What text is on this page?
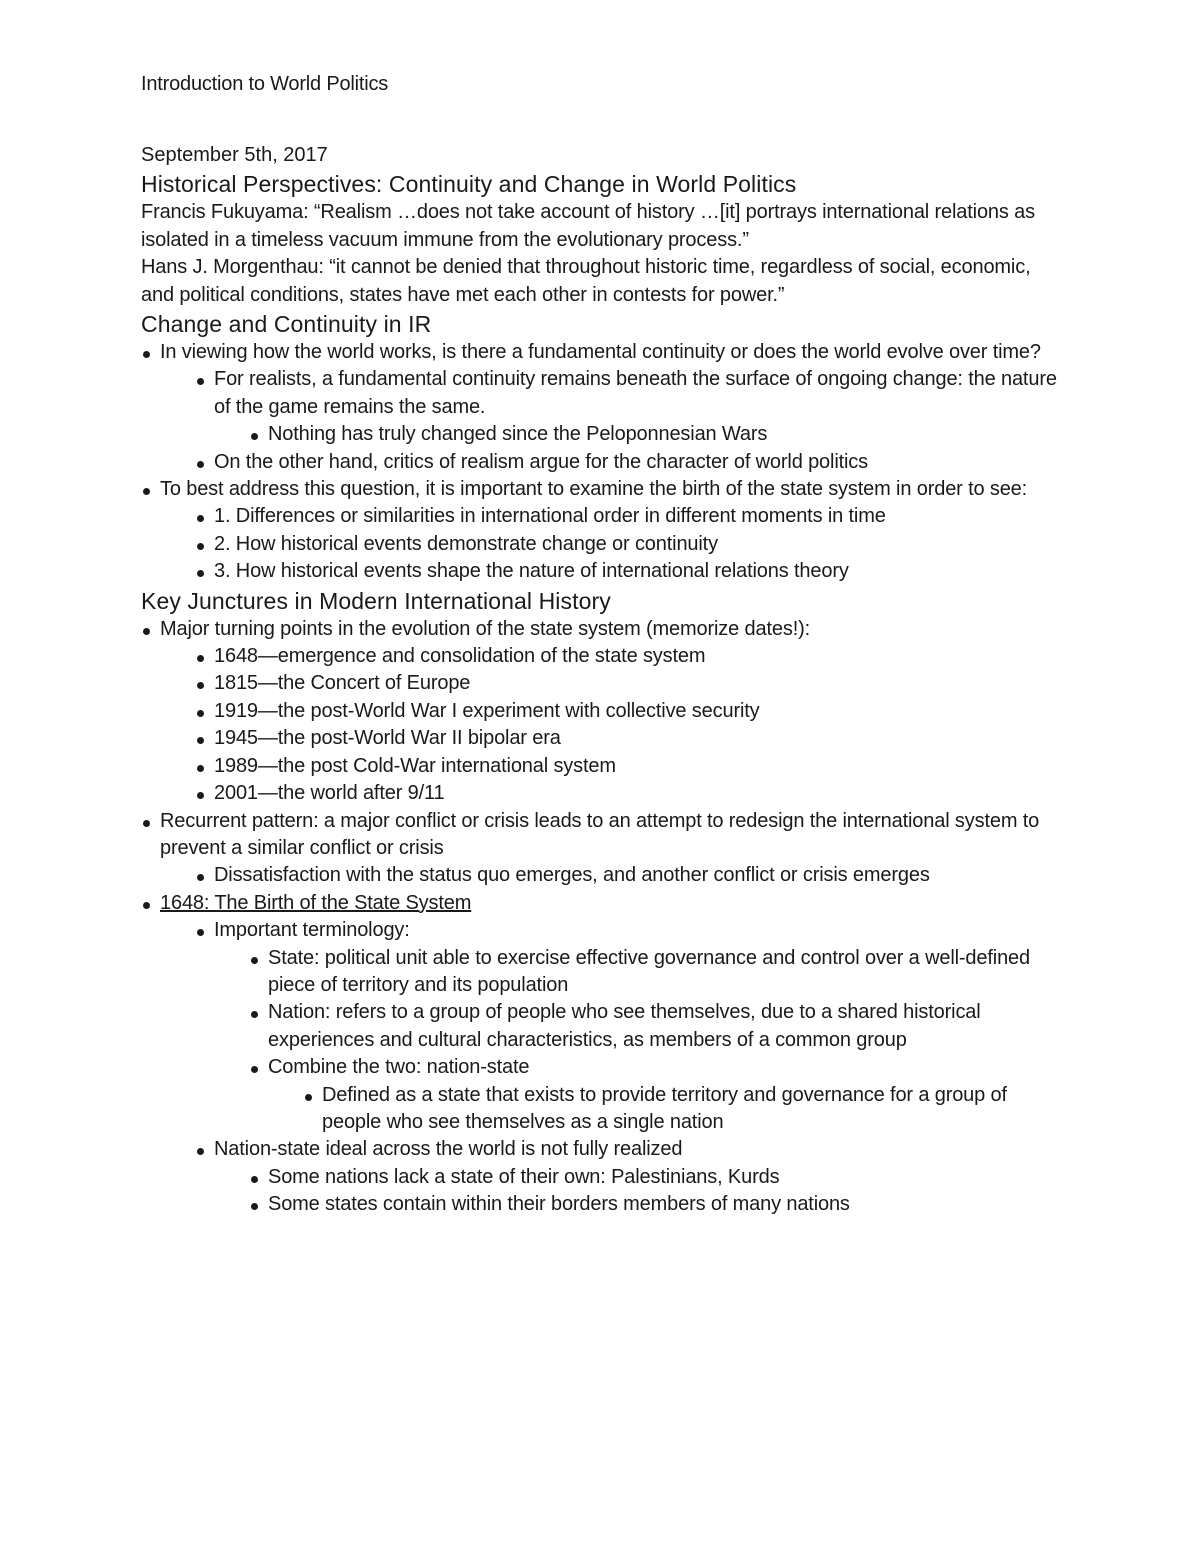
Introduction to World Politics

September 5th, 2017

Historical Perspectives: Continuity and Change in World Politics

Francis Fukuyama: “Realism …does not take account of history …[it] portrays international relations as isolated in a timeless vacuum immune from the evolutionary process.”

Hans J. Morgenthau: “it cannot be denied that throughout historic time, regardless of social, economic, and political conditions, states have met each other in contests for power.”

Change and Continuity in IR
In viewing how the world works, is there a fundamental continuity or does the world evolve over time?
For realists, a fundamental continuity remains beneath the surface of ongoing change: the nature of the game remains the same.
Nothing has truly changed since the Peloponnesian Wars
On the other hand, critics of realism argue for the character of world politics
To best address this question, it is important to examine the birth of the state system in order to see:
1. Differences or similarities in international order in different moments in time
2. How historical events demonstrate change or continuity
3. How historical events shape the nature of international relations theory
Key Junctures in Modern International History
Major turning points in the evolution of the state system (memorize dates!):
1648—emergence and consolidation of the state system
1815—the Concert of Europe
1919—the post-World War I experiment with collective security
1945—the post-World War II bipolar era
1989—the post Cold-War international system
2001—the world after 9/11
Recurrent pattern: a major conflict or crisis leads to an attempt to redesign the international system to prevent a similar conflict or crisis
Dissatisfaction with the status quo emerges, and another conflict or crisis emerges
1648: The Birth of the State System
Important terminology:
State: political unit able to exercise effective governance and control over a well-defined piece of territory and its population
Nation: refers to a group of people who see themselves, due to a shared historical experiences and cultural characteristics, as members of a common group
Combine the two: nation-state
Defined as a state that exists to provide territory and governance for a group of people who see themselves as a single nation
Nation-state ideal across the world is not fully realized
Some nations lack a state of their own: Palestinians, Kurds
Some states contain within their borders members of many nations
